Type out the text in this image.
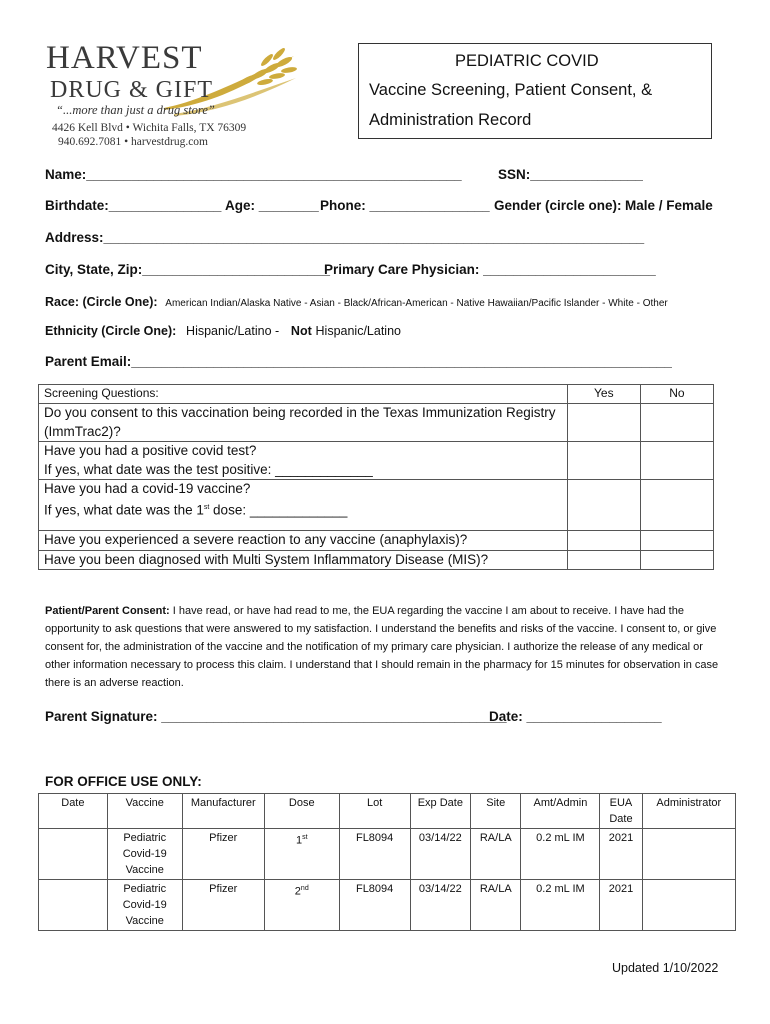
HARVEST
DRUG & GIFT
“...more than just a drug store”
4426 Kell Blvd • Wichita Falls, TX 76309
940.692.7081 • harvestdrug.com
PEDIATRIC COVID
Vaccine Screening, Patient Consent, &
Administration Record
Name:__________________________________________________	SSN:_______________
Birthdate:_______________ Age: ________ Phone: ________________ Gender (circle one): Male / Female
Address:________________________________________________________________________
City, State, Zip:_________________________
Primary Care Physician: _______________________
Race: (Circle One): American Indian/Alaska Native - Asian - Black/African-American - Native Hawaiian/Pacific Islander - White - Other
Ethnicity (Circle One): Hispanic/Latino - Not Hispanic/Latino
Parent Email:________________________________________________________________________
Screening Questions:	Yes	No
Do you consent to this vaccination being recorded in the Texas Immunization Registry (ImmTrac2)?		

Have you had a positive covid test?
If yes, what date was the test positive: _____________		

Have you had a covid-19 vaccine?
If yes, what date was the 1st dose: _____________		

Have you experienced a severe reaction to any vaccine (anaphylaxis)?		
Have you been diagnosed with Multi System Inflammatory Disease (MIS)?		
Patient/Parent Consent: I have read, or have had read to me, the EUA regarding the vaccine I am about to receive. I have had the opportunity to ask questions that were answered to my satisfaction. I understand the benefits and risks of the vaccine. I consent to, or give consent for, the administration of the vaccine and the notification of my primary care physician. I authorize the release of any medical or other information necessary to process this claim. I understand that I should remain in the pharmacy for 15 minutes for observation in case there is an adverse reaction.
Parent Signature: ______________________________________________
Date: __________________
FOR OFFICE USE ONLY:
Date	Vaccine	Manufacturer	Dose	Lot	Exp Date	Site	Amt/Admin	EUA Date	Administrator
	Pediatric Covid-19 Vaccine	Pfizer	1st	FL8094	03/14/22	RA/LA	0.2 mL IM	2021	
	Pediatric Covid-19 Vaccine	Pfizer	2nd	FL8094	03/14/22	RA/LA	0.2 mL IM	2021	
Updated 1/10/2022
